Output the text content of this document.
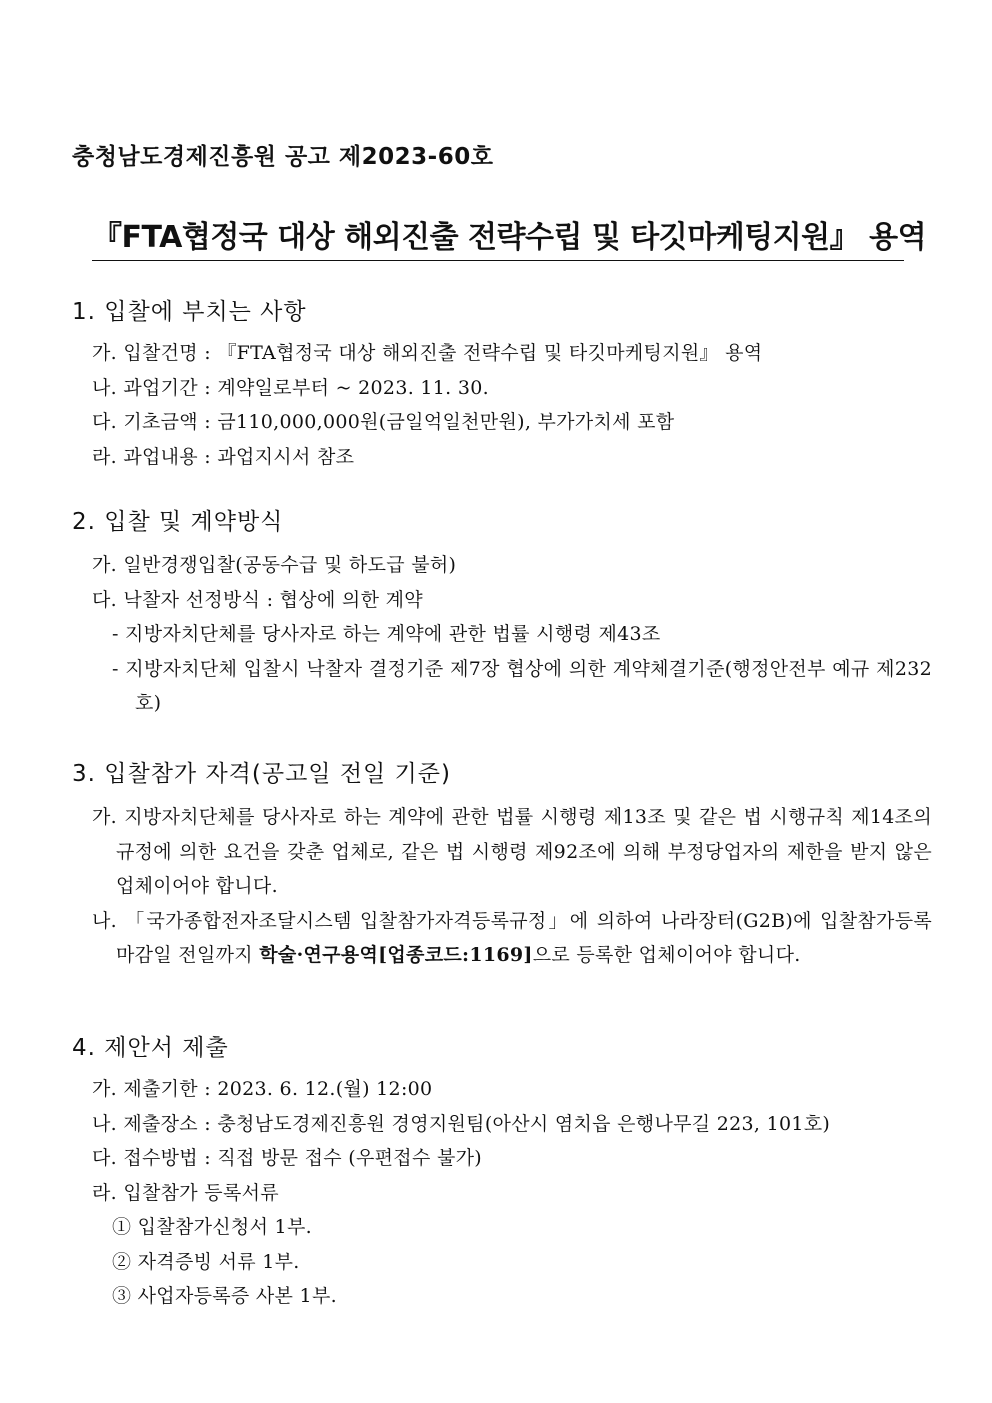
충청남도경제진흥원 공고 제2023-60호
『FTA협정국 대상 해외진출 전략수립 및 타깃마케팅지원』 용역
1. 입찰에 부치는 사항
가. 입찰건명 : 『FTA협정국 대상 해외진출 전략수립 및 타깃마케팅지원』 용역
나. 과업기간 : 계약일로부터 ~ 2023. 11. 30.
다. 기초금액 : 금110,000,000원(금일억일천만원), 부가가치세 포함
라. 과업내용 : 과업지시서 참조
2. 입찰 및 계약방식
가. 일반경쟁입찰(공동수급 및 하도급 불허)
다. 낙찰자 선정방식 : 협상에 의한 계약
- 지방자치단체를 당사자로 하는 계약에 관한 법률 시행령 제43조
- 지방자치단체 입찰시 낙찰자 결정기준 제7장 협상에 의한 계약체결기준(행정안전부 예규 제232호)
3. 입찰참가 자격(공고일 전일 기준)
가. 지방자치단체를 당사자로 하는 계약에 관한 법률 시행령 제13조 및 같은 법 시행규칙 제14조의 규정에 의한 요건을 갖춘 업체로, 같은 법 시행령 제92조에 의해 부정당업자의 제한을 받지 않은 업체이어야 합니다.
나. 「국가종합전자조달시스템 입찰참가자격등록규정」에 의하여 나라장터(G2B)에 입찰참가등록마감일 전일까지 학술·연구용역[업종코드:1169]으로 등록한 업체이어야 합니다.
4. 제안서 제출
가. 제출기한 : 2023. 6. 12.(월) 12:00
나. 제출장소 : 충청남도경제진흥원 경영지원팀(아산시 염치읍 은행나무길 223, 101호)
다. 접수방법 : 직접 방문 접수 (우편접수 불가)
라. 입찰참가 등록서류
① 입찰참가신청서 1부.
② 자격증빙 서류 1부.
③ 사업자등록증 사본 1부.
